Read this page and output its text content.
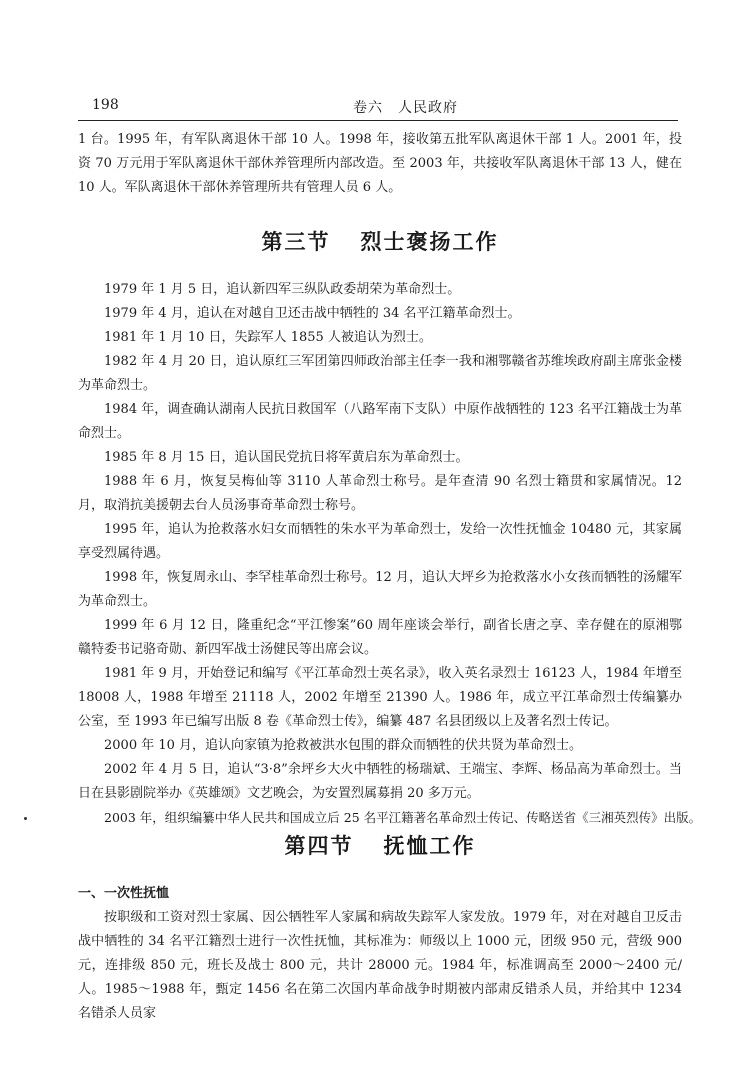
198	卷六　人民政府

1 台。1995 年，有军队离退休干部 10 人。1998 年，接收第五批军队离退休干部 1 人。2001 年，投资 70 万元用于军队离退休干部休养管理所内部改造。至 2003 年，共接收军队离退休干部 13 人，健在 10 人。军队离退休干部休养管理所共有管理人员 6 人。

第三节 烈士褒扬工作

1979 年 1 月 5 日，追认新四军三纵队政委胡荣为革命烈士。

1979 年 4 月，追认在对越自卫还击战中牺牲的 34 名平江籍革命烈士。

1981 年 1 月 10 日，失踪军人 1855 人被追认为烈士。

1982 年 4 月 20 日，追认原红三军团第四师政治部主任李一我和湘鄂赣省苏维埃政府副主席张金楼为革命烈士。

1984 年，调查确认湖南人民抗日救国军（八路军南下支队）中原作战牺牲的 123 名平江籍战士为革命烈士。

1985 年 8 月 15 日，追认国民党抗日将军黄启东为革命烈士。

1988 年 6 月，恢复吴梅仙等 3110 人革命烈士称号。是年查清 90 名烈士籍贯和家属情况。12 月，取消抗美援朝去台人员汤事奇革命烈士称号。

1995 年，追认为抢救落水妇女而牺牲的朱水平为革命烈士，发给一次性抚恤金 10480 元，其家属享受烈属待遇。

1998 年，恢复周永山、李罕桂革命烈士称号。12 月，追认大坪乡为抢救落水小女孩而牺牲的汤耀军为革命烈士。

1999 年 6 月 12 日，隆重纪念“平江惨案”60 周年座谈会举行，副省长唐之享、幸存健在的原湘鄂赣特委书记骆奇勋、新四军战士汤健民等出席会议。

1981 年 9 月，开始登记和编写《平江革命烈士英名录》，收入英名录烈士 16123 人，1984 年增至 18008 人，1988 年增至 21118 人，2002 年增至 21390 人。1986 年，成立平江革命烈士传编纂办公室，至 1993 年已编写出版 8 卷《革命烈士传》，编纂 487 名县团级以上及著名烈士传记。

2000 年 10 月，追认向家镇为抢救被洪水包围的群众而牺牲的伏共贤为革命烈士。

2002 年 4 月 5 日，追认“3·8”余坪乡大火中牺牲的杨瑞斌、王端宝、李辉、杨品高为革命烈士。当日在县影剧院举办《英雄颂》文艺晚会，为安置烈属募捐 20 多万元。

2003 年，组织编纂中华人民共和国成立后 25 名平江籍著名革命烈士传记、传略送省《三湘英烈传》出版。

第四节 抚恤工作
一、一次性抚恤

按职级和工资对烈士家属、因公牺牲军人家属和病故失踪军人家发放。1979 年，对在对越自卫反击战中牺牲的 34 名平江籍烈士进行一次性抚恤，其标准为：师级以上 1000 元，团级 950 元，营级 900 元，连排级 850 元，班长及战士 800 元，共计 28000 元。1984 年，标准调高至 2000～2400 元/人。1985～1988 年，甄定 1456 名在第二次国内革命战争时期被内部肃反错杀人员，并给其中 1234 名错杀人员家
